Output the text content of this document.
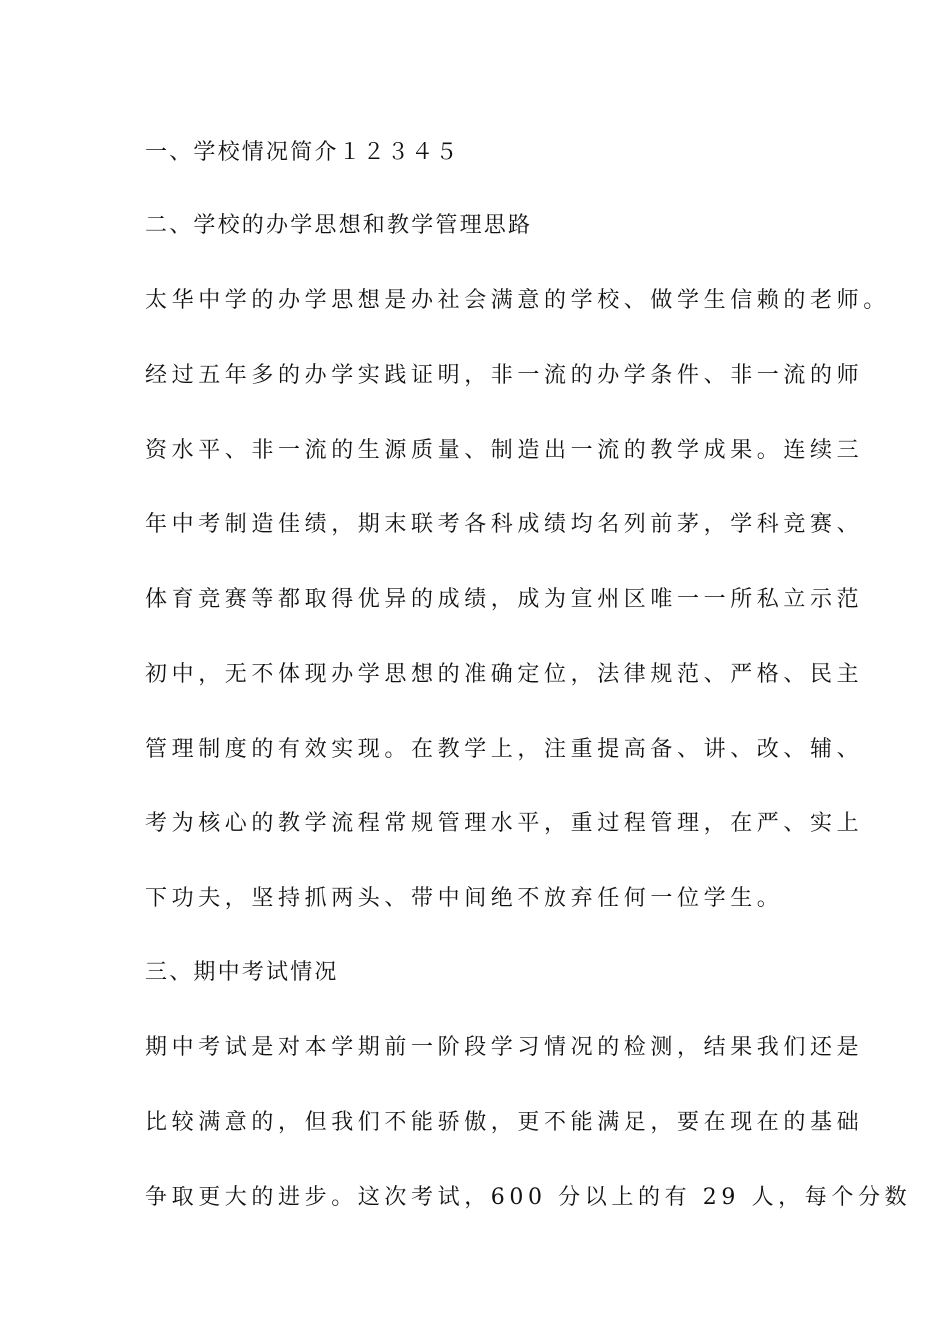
一、学校情况简介１２３４５
二、学校的办学思想和教学管理思路
太华中学的办学思想是办社会满意的学校、做学生信赖的老师。
经过五年多的办学实践证明，非一流的办学条件、非一流的师
资水平、非一流的生源质量、制造出一流的教学成果。连续三
年中考制造佳绩，期末联考各科成绩均名列前茅，学科竞赛、
体育竞赛等都取得优异的成绩，成为宣州区唯一一所私立示范
初中，无不体现办学思想的准确定位，法律规范、严格、民主
管理制度的有效实现。在教学上，注重提高备、讲、改、辅、
考为核心的教学流程常规管理水平，重过程管理，在严、实上
下功夫，坚持抓两头、带中间绝不放弃任何一位学生。
三、期中考试情况
期中考试是对本学期前一阶段学习情况的检测，结果我们还是
比较满意的，但我们不能骄傲，更不能满足，要在现在的基础
争取更大的进步。这次考试，600 分以上的有 29 人，每个分数
